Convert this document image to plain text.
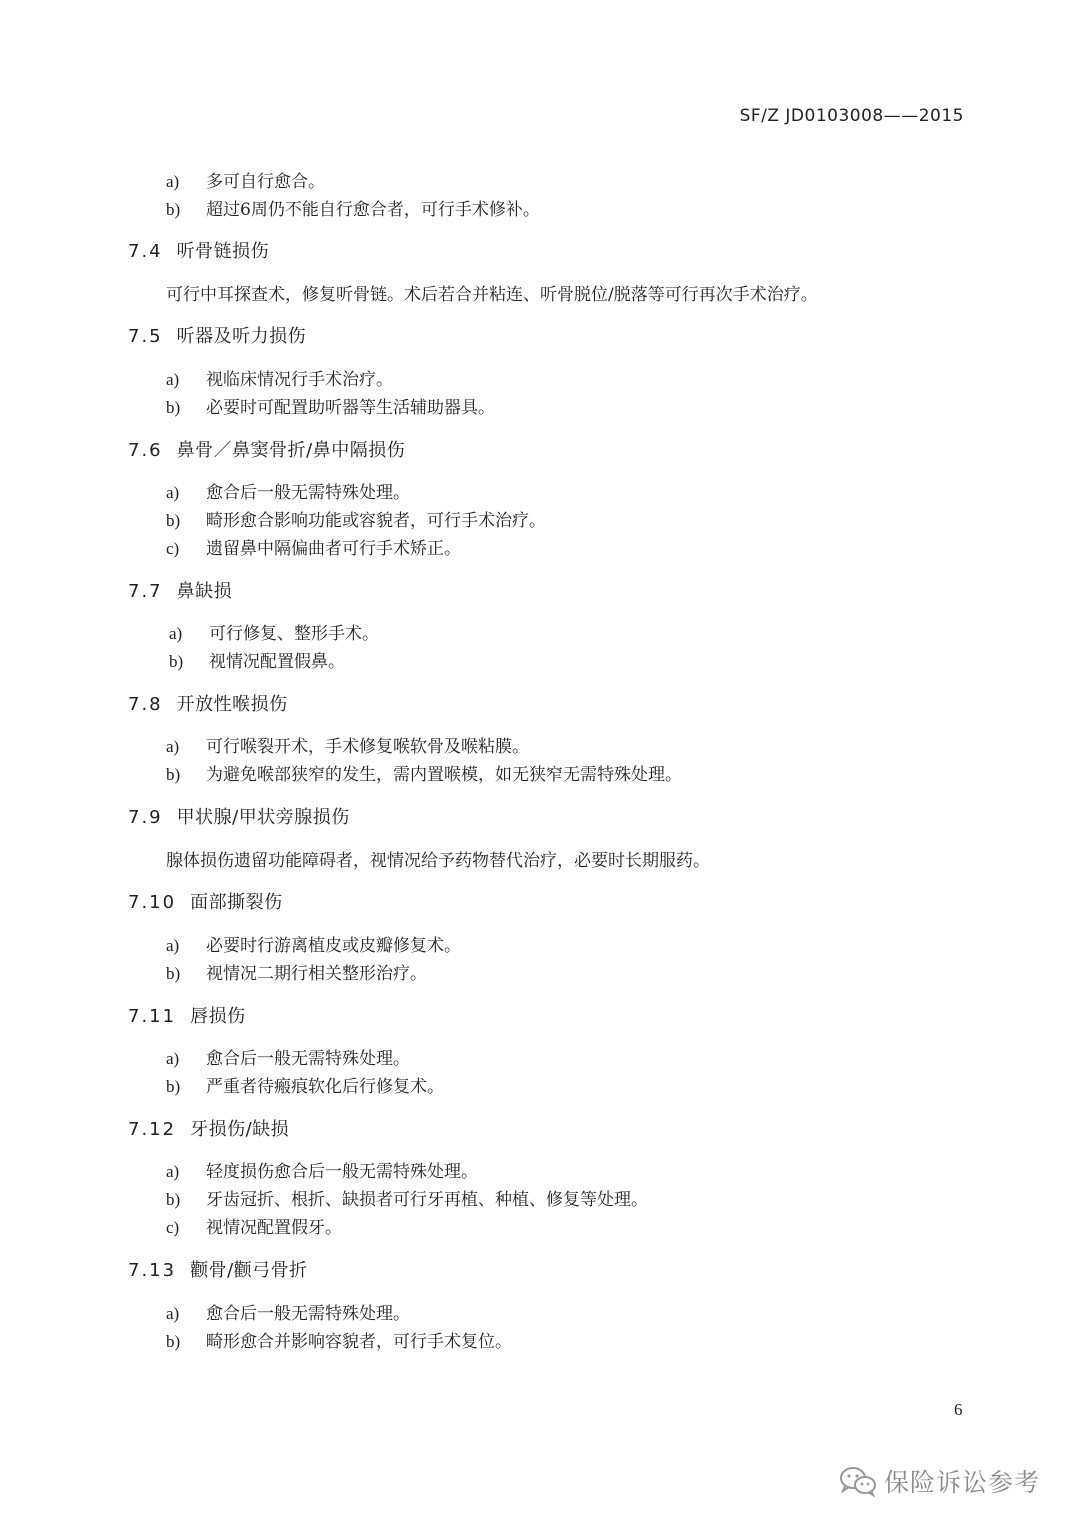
SF/Z JD0103008——2015
a) 多可自行愈合。
b) 超过6周仍不能自行愈合者，可行手术修补。
7.4 听骨链损伤
可行中耳探查术，修复听骨链。术后若合并粘连、听骨脱位/脱落等可行再次手术治疗。
7.5 听器及听力损伤
a) 视临床情况行手术治疗。
b) 必要时可配置助听器等生活辅助器具。
7.6 鼻骨／鼻窦骨折/鼻中隔损伤
a) 愈合后一般无需特殊处理。
b) 畸形愈合影响功能或容貌者，可行手术治疗。
c) 遗留鼻中隔偏曲者可行手术矫正。
7.7 鼻缺损
a) 可行修复、整形手术。
b) 视情况配置假鼻。
7.8 开放性喉损伤
a) 可行喉裂开术，手术修复喉软骨及喉粘膜。
b) 为避免喉部狭窄的发生，需内置喉模，如无狭窄无需特殊处理。
7.9 甲状腺/甲状旁腺损伤
腺体损伤遗留功能障碍者，视情况给予药物替代治疗，必要时长期服药。
7.10 面部撕裂伤
a) 必要时行游离植皮或皮瓣修复术。
b) 视情况二期行相关整形治疗。
7.11 唇损伤
a) 愈合后一般无需特殊处理。
b) 严重者待瘢痕软化后行修复术。
7.12 牙损伤/缺损
a) 轻度损伤愈合后一般无需特殊处理。
b) 牙齿冠折、根折、缺损者可行牙再植、种植、修复等处理。
c) 视情况配置假牙。
7.13 颧骨/颧弓骨折
a) 愈合后一般无需特殊处理。
b) 畸形愈合并影响容貌者，可行手术复位。
6
保险诉讼参考
